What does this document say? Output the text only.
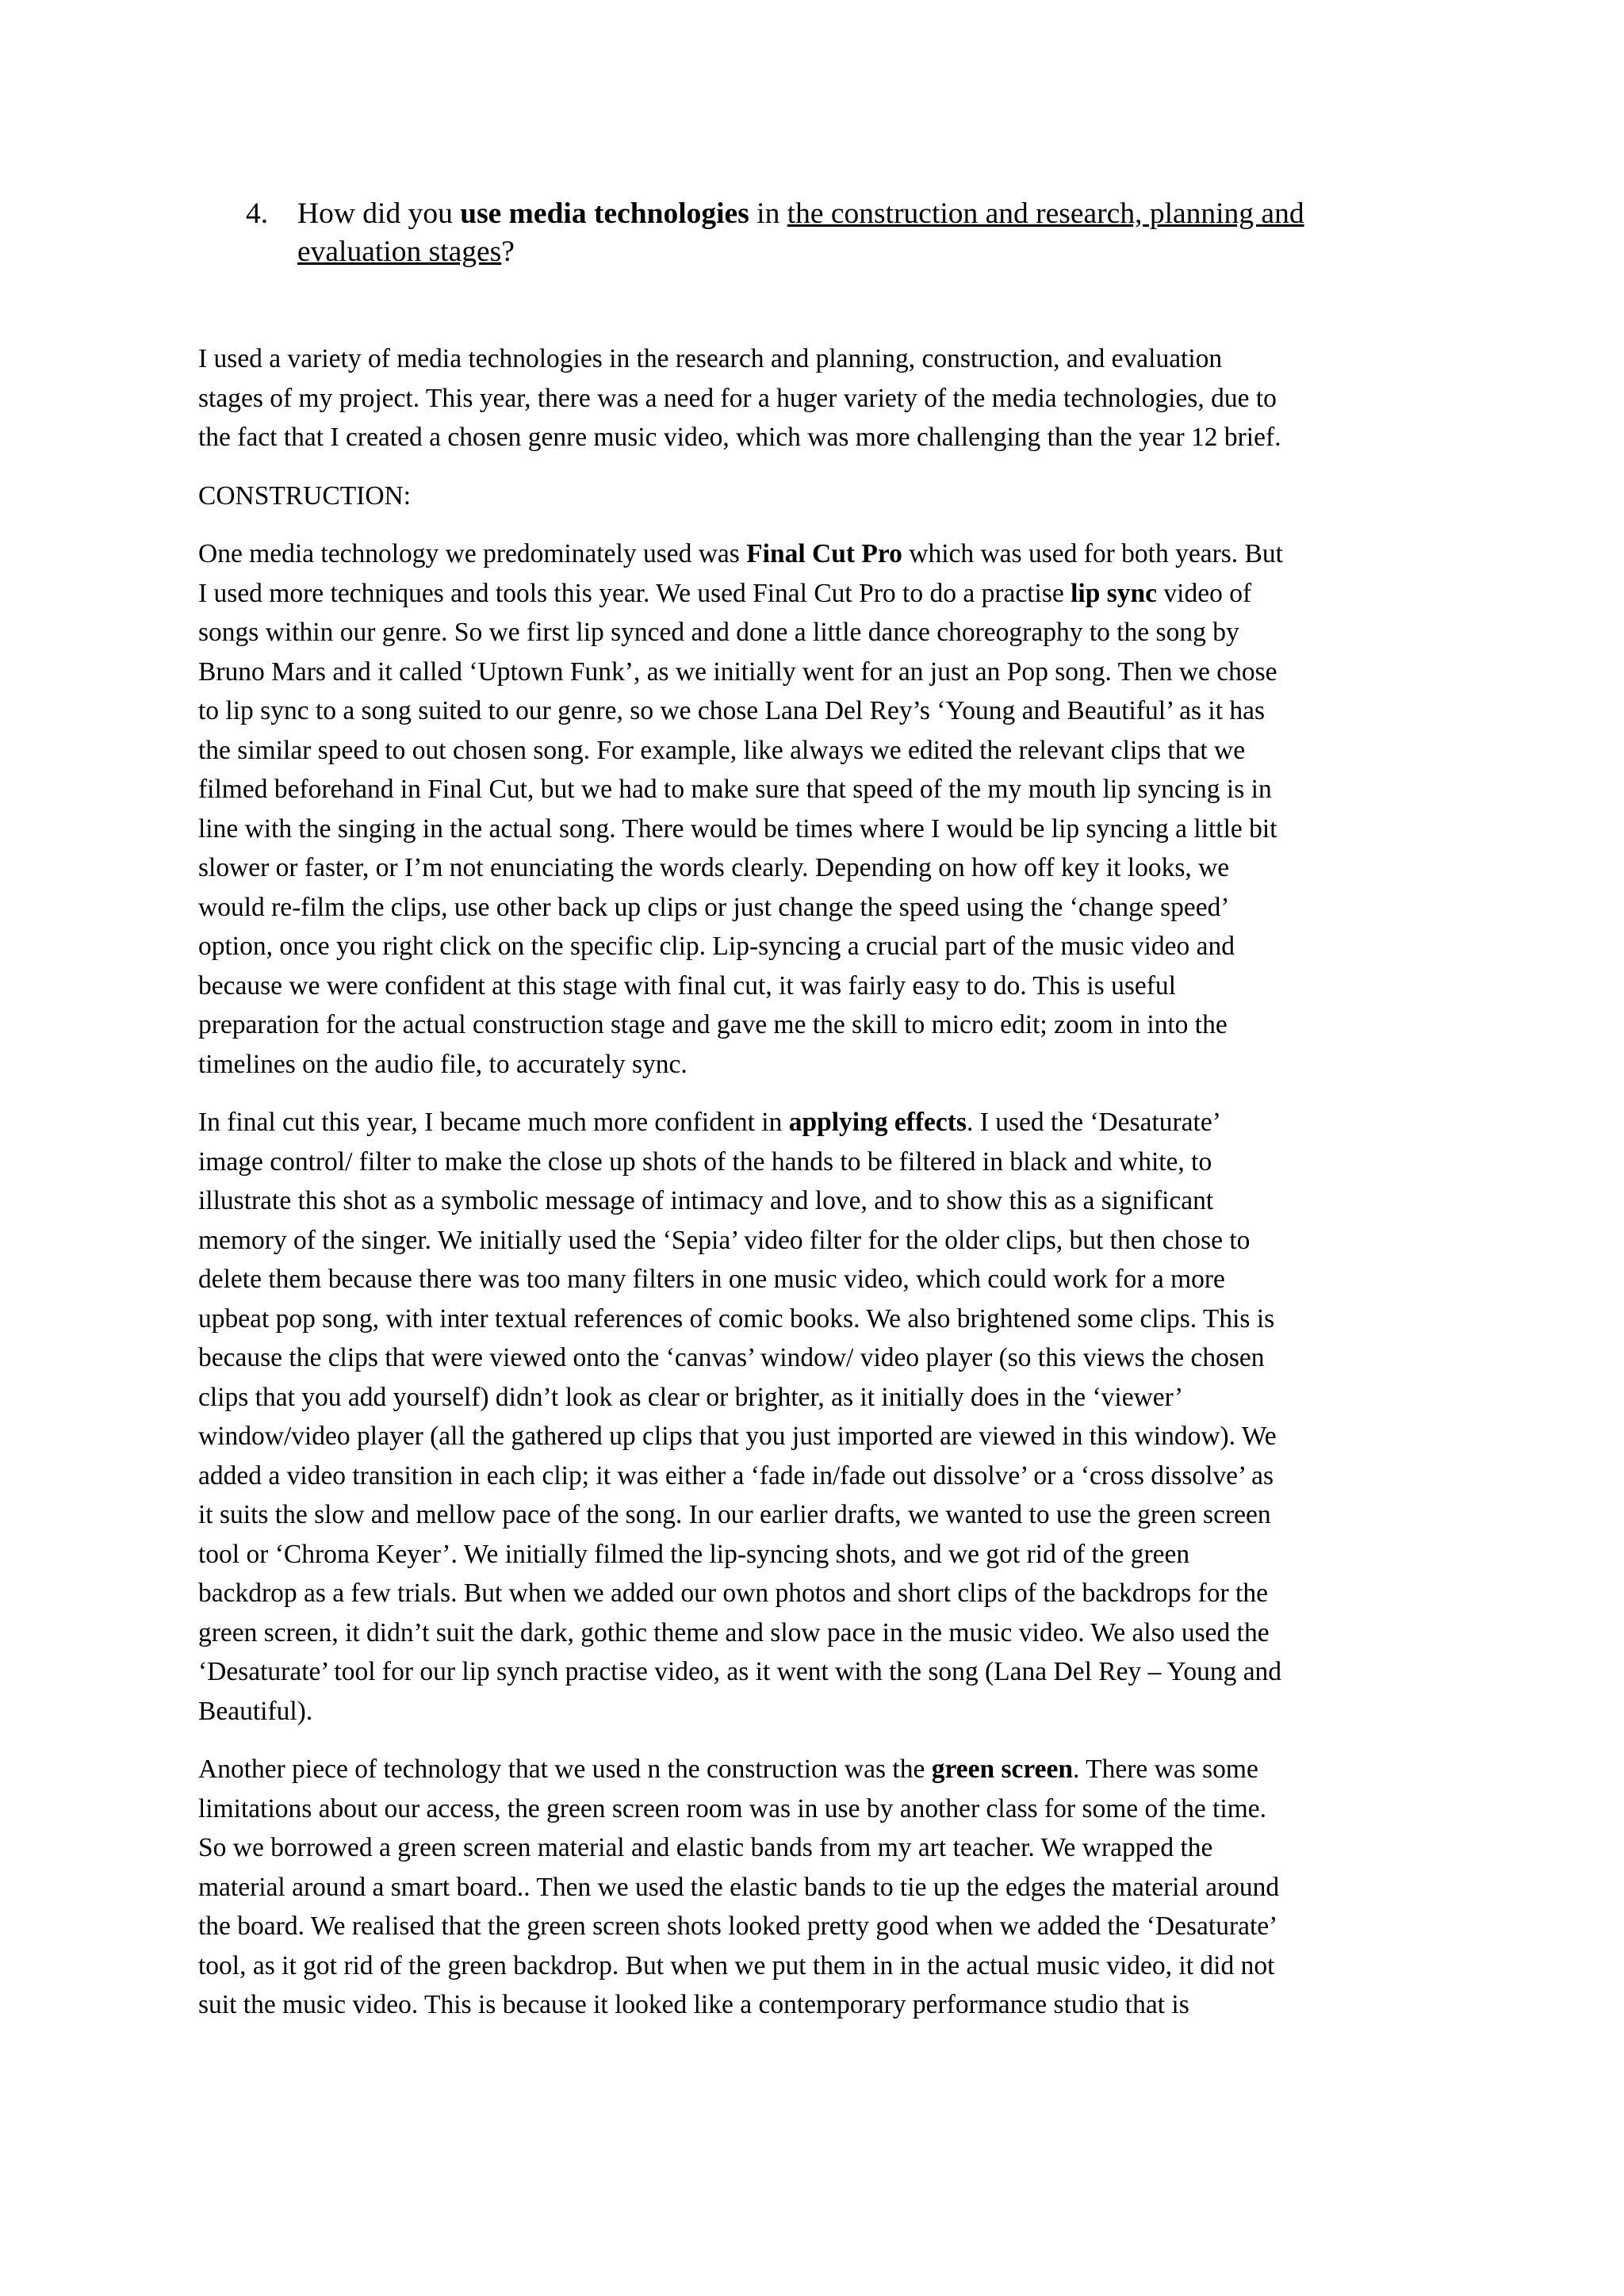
4. How did you use media technologies in the construction and research, planning and
evaluation stages?

I used a variety of media technologies in the research and planning, construction, and evaluation
stages of my project. This year, there was a need for a huger variety of the media technologies, due to
the fact that I created a chosen genre music video, which was more challenging than the year 12 brief.

CONSTRUCTION:

One media technology we predominately used was Final Cut Pro which was used for both years. But
I used more techniques and tools this year. We used Final Cut Pro to do a practise lip sync video of
songs within our genre. So we first lip synced and done a little dance choreography to the song by
Bruno Mars and it called ‘Uptown Funk’, as we initially went for an just an Pop song. Then we chose
to lip sync to a song suited to our genre, so we chose Lana Del Rey’s ‘Young and Beautiful’ as it has
the similar speed to out chosen song. For example, like always we edited the relevant clips that we
filmed beforehand in Final Cut, but we had to make sure that speed of the my mouth lip syncing is in
line with the singing in the actual song. There would be times where I would be lip syncing a little bit
slower or faster, or I’m not enunciating the words clearly. Depending on how off key it looks, we
would re-film the clips, use other back up clips or just change the speed using the ‘change speed’
option, once you right click on the specific clip. Lip-syncing a crucial part of the music video and
because we were confident at this stage with final cut, it was fairly easy to do. This is useful
preparation for the actual construction stage and gave me the skill to micro edit; zoom in into the
timelines on the audio file, to accurately sync.

In final cut this year, I became much more confident in applying effects. I used the ‘Desaturate’
image control/ filter to make the close up shots of the hands to be filtered in black and white, to
illustrate this shot as a symbolic message of intimacy and love, and to show this as a significant
memory of the singer. We initially used the ‘Sepia’ video filter for the older clips, but then chose to
delete them because there was too many filters in one music video, which could work for a more
upbeat pop song, with inter textual references of comic books. We also brightened some clips. This is
because the clips that were viewed onto the ‘canvas’ window/ video player (so this views the chosen
clips that you add yourself) didn’t look as clear or brighter, as it initially does in the ‘viewer’
window/video player (all the gathered up clips that you just imported are viewed in this window). We
added a video transition in each clip; it was either a ‘fade in/fade out dissolve’ or a ‘cross dissolve’ as
it suits the slow and mellow pace of the song. In our earlier drafts, we wanted to use the green screen
tool or ‘Chroma Keyer’. We initially filmed the lip-syncing shots, and we got rid of the green
backdrop as a few trials. But when we added our own photos and short clips of the backdrops for the
green screen, it didn’t suit the dark, gothic theme and slow pace in the music video. We also used the
‘Desaturate’ tool for our lip synch practise video, as it went with the song (Lana Del Rey – Young and
Beautiful).

Another piece of technology that we used n the construction was the green screen. There was some
limitations about our access, the green screen room was in use by another class for some of the time.
So we borrowed a green screen material and elastic bands from my art teacher. We wrapped the
material around a smart board.. Then we used the elastic bands to tie up the edges the material around
the board. We realised that the green screen shots looked pretty good when we added the ‘Desaturate’
tool, as it got rid of the green backdrop. But when we put them in in the actual music video, it did not
suit the music video. This is because it looked like a contemporary performance studio that is
